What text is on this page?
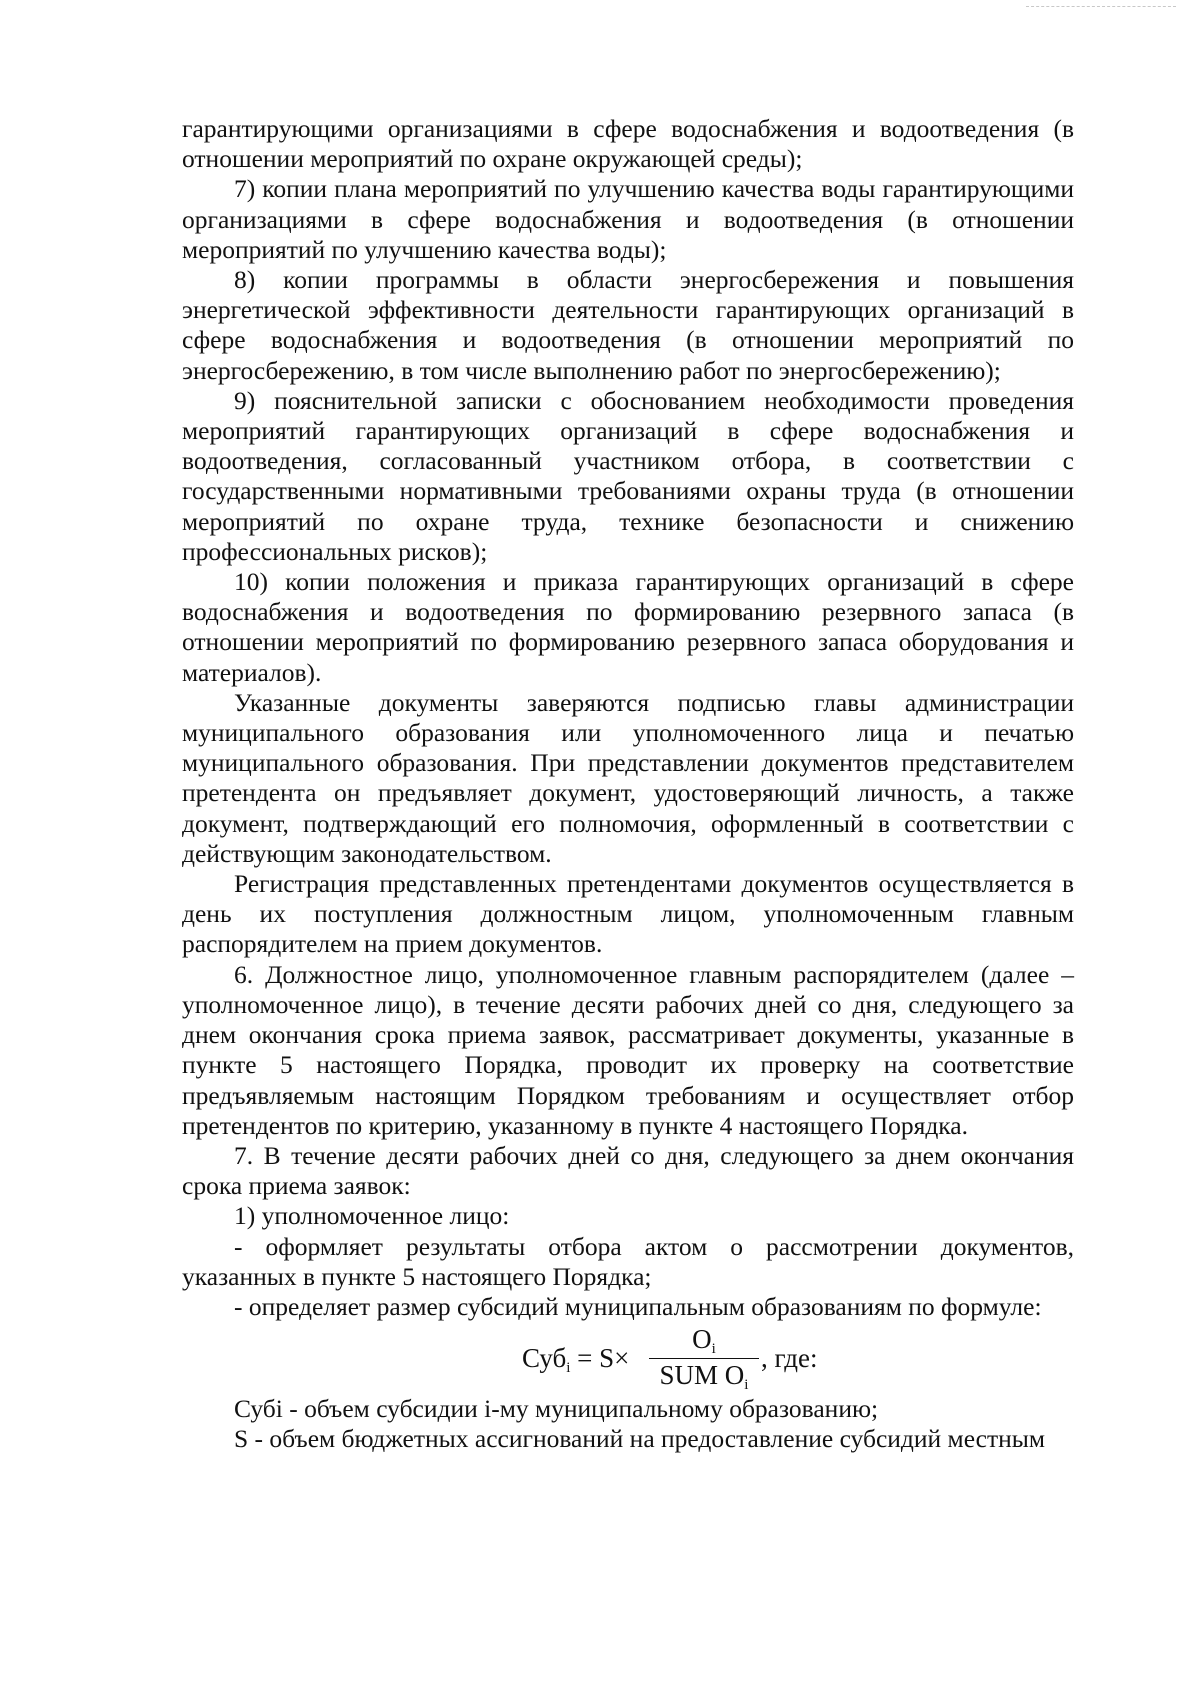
гарантирующими организациями в сфере водоснабжения и водоотведения (в отношении мероприятий по охране окружающей среды);

7) копии плана мероприятий по улучшению качества воды гарантирующими организациями в сфере водоснабжения и водоотведения (в отношении мероприятий по улучшению качества воды);

8) копии программы в области энергосбережения и повышения энергетической эффективности деятельности гарантирующих организаций в сфере водоснабжения и водоотведения (в отношении мероприятий по энергосбережению, в том числе выполнению работ по энергосбережению);

9) пояснительной записки с обоснованием необходимости проведения мероприятий гарантирующих организаций в сфере водоснабжения и водоотведения, согласованный участником отбора, в соответствии с государственными нормативными требованиями охраны труда (в отношении мероприятий по охране труда, технике безопасности и снижению профессиональных рисков);

10) копии положения и приказа гарантирующих организаций в сфере водоснабжения и водоотведения по формированию резервного запаса (в отношении мероприятий по формированию резервного запаса оборудования и материалов).

Указанные документы заверяются подписью главы администрации муниципального образования или уполномоченного лица и печатью муниципального образования. При представлении документов представителем претендента он предъявляет документ, удостоверяющий личность, а также документ, подтверждающий его полномочия, оформленный в соответствии с действующим законодательством.

Регистрация представленных претендентами документов осуществляется в день их поступления должностным лицом, уполномоченным главным распорядителем на прием документов.

6. Должностное лицо, уполномоченное главным распорядителем (далее – уполномоченное лицо), в течение десяти рабочих дней со дня, следующего за днем окончания срока приема заявок, рассматривает документы, указанные в пункте 5 настоящего Порядка, проводит их проверку на соответствие предъявляемым настоящим Порядком требованиям и осуществляет отбор претендентов по критерию, указанному в пункте 4 настоящего Порядка.

7. В течение десяти рабочих дней со дня, следующего за днем окончания срока приема заявок:

1) уполномоченное лицо:

- оформляет результаты отбора актом о рассмотрении документов, указанных в пункте 5 настоящего Порядка;

- определяет размер субсидий муниципальным образованиям по формуле:

Суб$_i$ = S×
$O_i$
SUM $O_i$
, где:

Субi - объем субсидии i-му муниципальному образованию;

S - объем бюджетных ассигнований на предоставление субсидий местным
